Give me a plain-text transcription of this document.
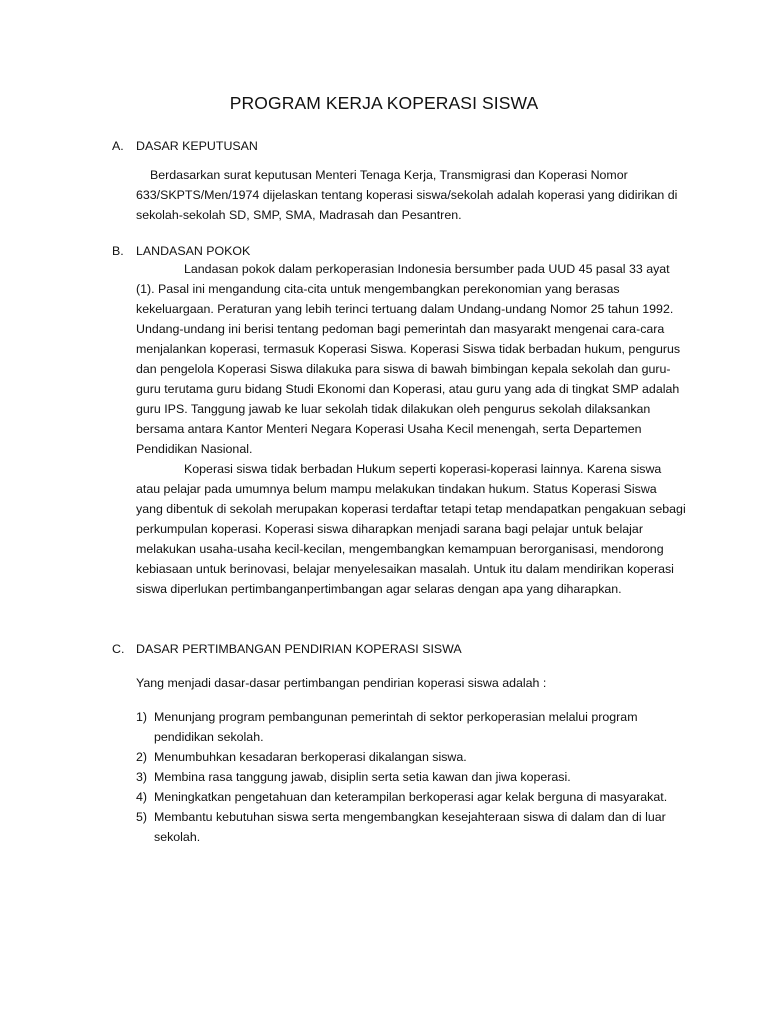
PROGRAM KERJA KOPERASI SISWA
A. DASAR KEPUTUSAN

Berdasarkan surat keputusan Menteri Tenaga Kerja, Transmigrasi dan Koperasi Nomor 633/SKPTS/Men/1974 dijelaskan tentang koperasi siswa/sekolah adalah koperasi yang didirikan di sekolah-sekolah SD, SMP, SMA, Madrasah dan Pesantren.

B. LANDASAN POKOK

Landasan pokok dalam perkoperasian Indonesia bersumber pada UUD 45 pasal 33 ayat (1). Pasal ini mengandung cita-cita untuk mengembangkan perekonomian yang berasas kekeluargaan. Peraturan yang lebih terinci tertuang dalam Undang-undang Nomor 25 tahun 1992. Undang-undang ini berisi tentang pedoman bagi pemerintah dan masyarakt mengenai cara-cara menjalankan koperasi, termasuk Koperasi Siswa. Koperasi Siswa tidak berbadan hukum, pengurus dan pengelola Koperasi Siswa dilakuka para siswa di bawah bimbingan kepala sekolah dan guru-guru terutama guru bidang Studi Ekonomi dan Koperasi, atau guru yang ada di tingkat SMP adalah guru IPS. Tanggung jawab ke luar sekolah tidak dilakukan oleh pengurus sekolah dilaksankan bersama antara Kantor Menteri Negara Koperasi Usaha Kecil menengah, serta Departemen Pendidikan Nasional.

Koperasi siswa tidak berbadan Hukum seperti koperasi-koperasi lainnya. Karena siswa atau pelajar pada umumnya belum mampu melakukan tindakan hukum. Status Koperasi Siswa yang dibentuk di sekolah merupakan koperasi terdaftar tetapi tetap mendapatkan pengakuan sebagi perkumpulan koperasi. Koperasi siswa diharapkan menjadi sarana bagi pelajar untuk belajar melakukan usaha-usaha kecil-kecilan, mengembangkan kemampuan berorganisasi, mendorong kebiasaan untuk berinovasi, belajar menyelesaikan masalah. Untuk itu dalam mendirikan koperasi siswa diperlukan pertimbanganpertimbangan agar selaras dengan apa yang diharapkan.

C. DASAR PERTIMBANGAN PENDIRIAN KOPERASI SISWA

Yang menjadi dasar-dasar pertimbangan pendirian koperasi siswa adalah :

1) Menunjang program pembangunan pemerintah di sektor perkoperasian melalui program pendidikan sekolah.
2) Menumbuhkan kesadaran berkoperasi dikalangan siswa.
3) Membina rasa tanggung jawab, disiplin serta setia kawan dan jiwa koperasi.
4) Meningkatkan pengetahuan dan keterampilan berkoperasi agar kelak berguna di masyarakat.
5) Membantu kebutuhan siswa serta mengembangkan kesejahteraan siswa di dalam dan di luar sekolah.
